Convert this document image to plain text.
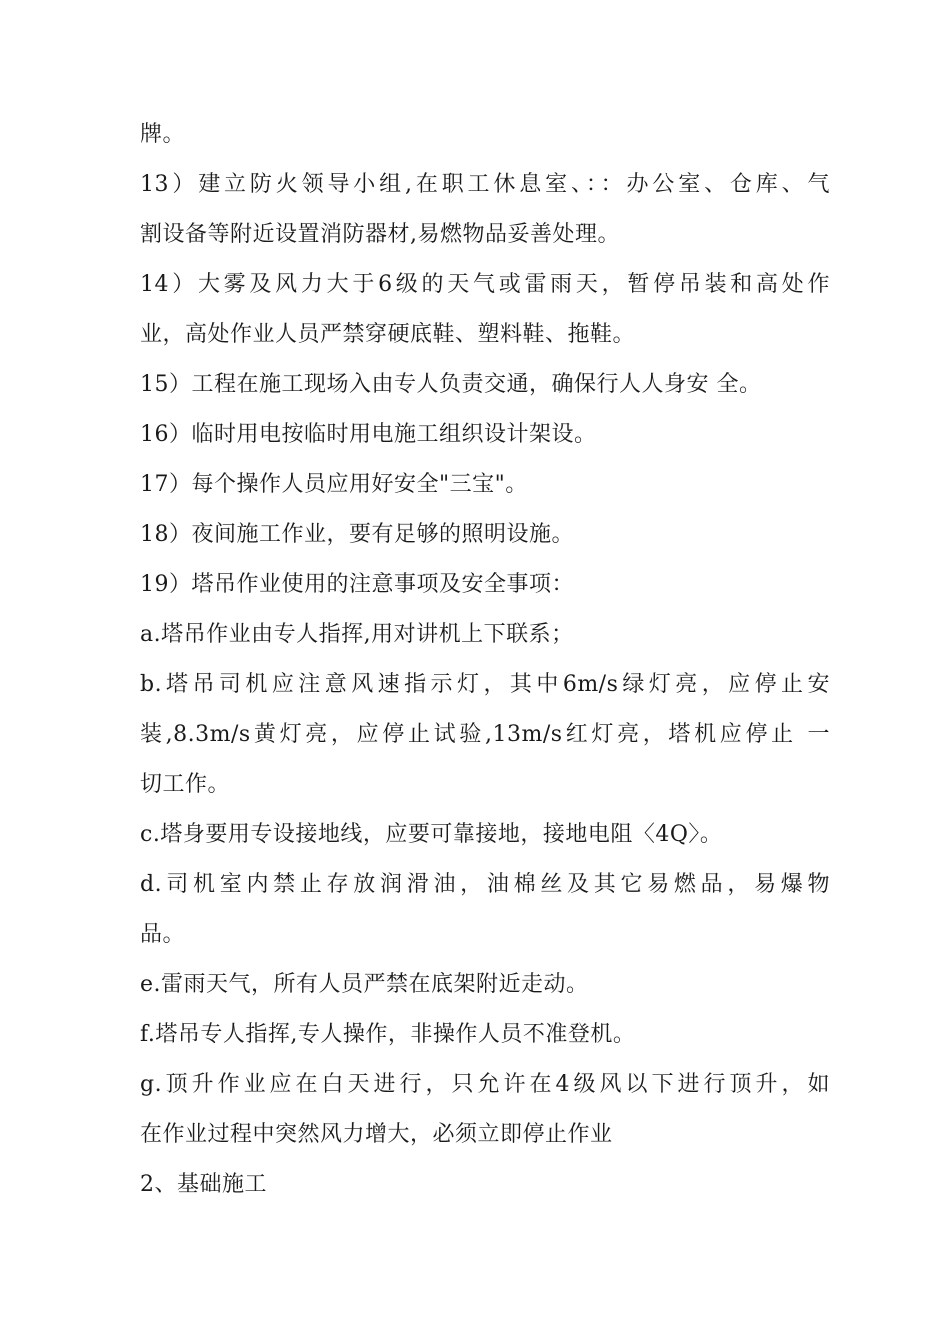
牌。
13）建立防火领导小组,在职工休息室、：：办公室、仓库、气
割设备等附近设置消防器材,易燃物品妥善处理。
14）大雾及风力大于6级的天气或雷雨天，暂停吊装和高处作
业，高处作业人员严禁穿硬底鞋、塑料鞋、拖鞋。
15）工程在施工现场入由专人负责交通，确保行人人身安 全。
16）临时用电按临时用电施工组织设计架设。
17）每个操作人员应用好安全"三宝"。
18）夜间施工作业，要有足够的照明设施。
19）塔吊作业使用的注意事项及安全事项：
a.塔吊作业由专人指挥,用对讲机上下联系；
b.塔吊司机应注意风速指示灯，其中6m/s绿灯亮，应停止安
装,8.3m/s黄灯亮，应停止试验,13m/s红灯亮，塔机应停止 一
切工作。
c.塔身要用专设接地线，应要可靠接地，接地电阻〈4Q〉。
d.司机室内禁止存放润滑油，油棉丝及其它易燃品，易爆物
品。
e.雷雨天气，所有人员严禁在底架附近走动。
f.塔吊专人指挥,专人操作，非操作人员不准登机。
g.顶升作业应在白天进行，只允许在4级风以下进行顶升，如
在作业过程中突然风力增大，必须立即停止作业
2、基础施工
